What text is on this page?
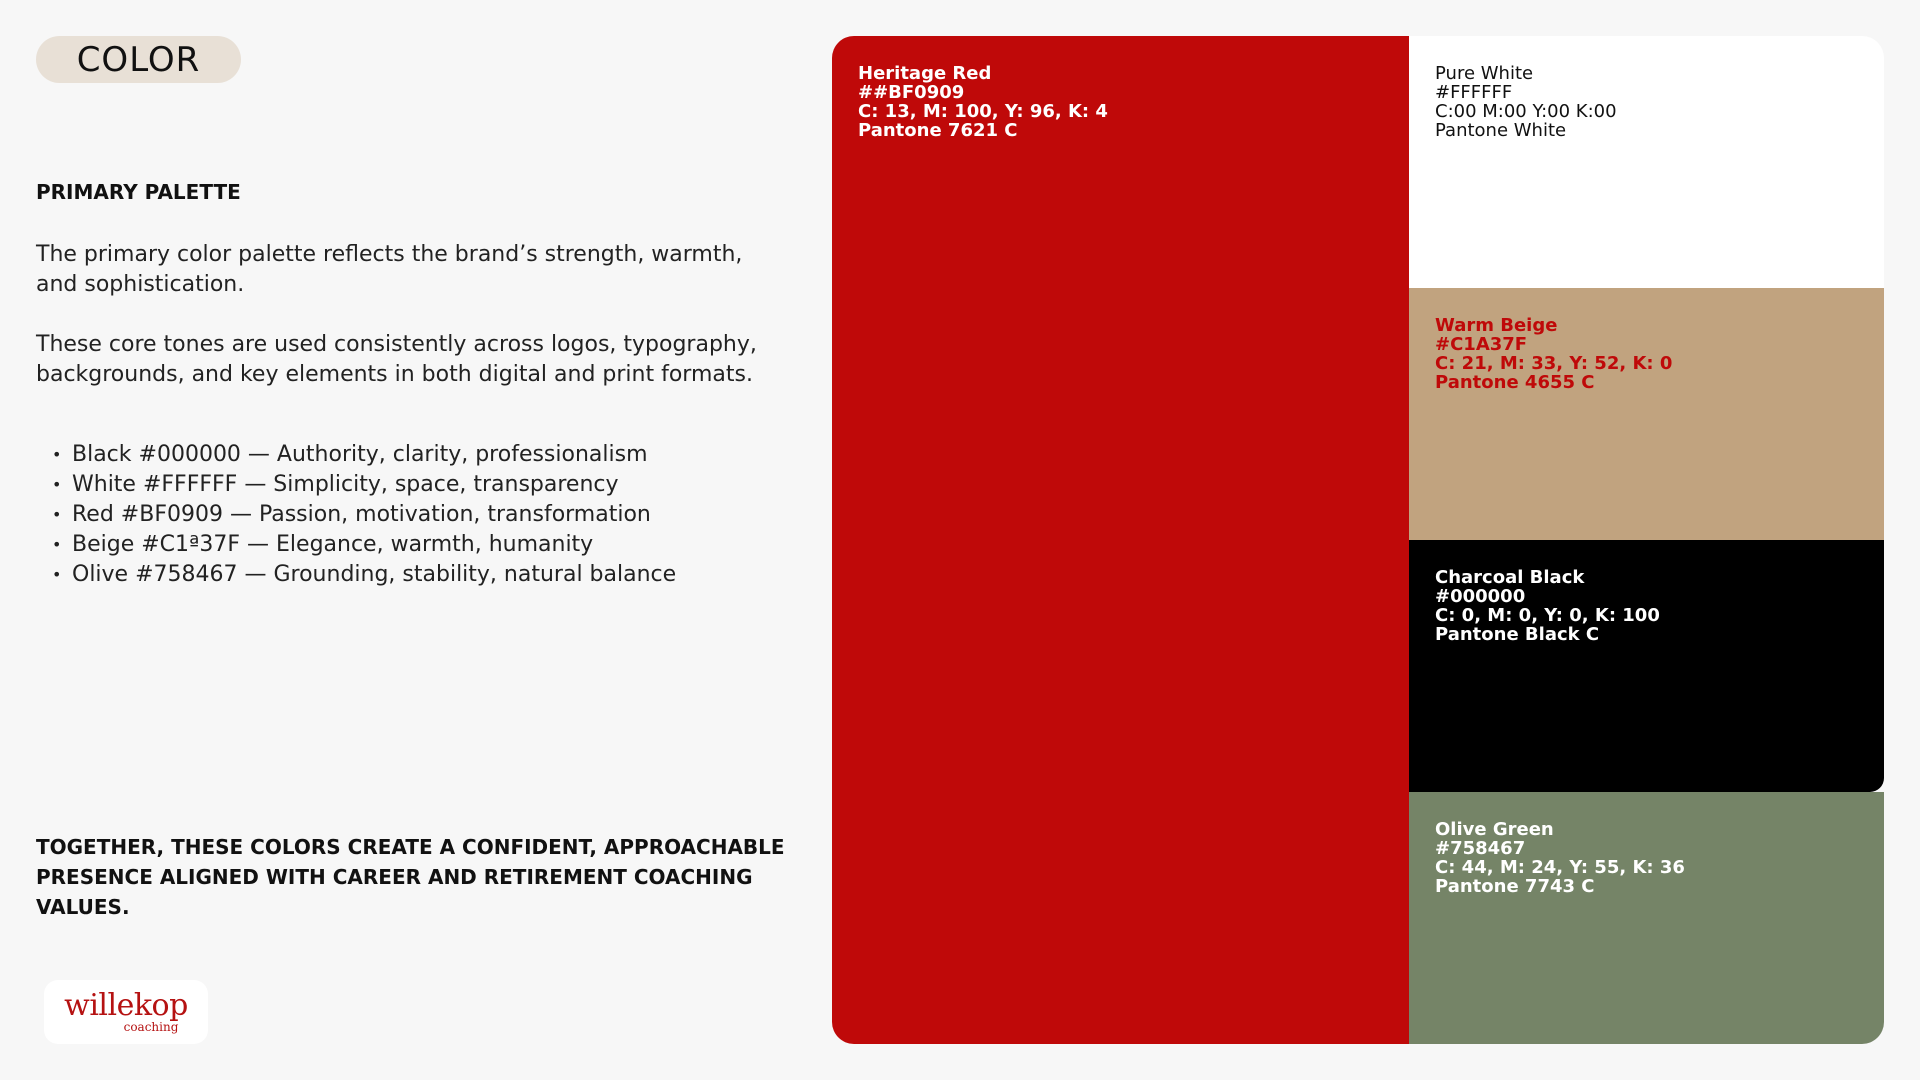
COLOR
PRIMARY PALETTE

The primary color palette reflects the brand’s strength, warmth, and sophistication.

These core tones are used consistently across logos, typography, backgrounds, and key elements in both digital and print formats.

• Black #000000 — Authority, clarity, professionalism
• White #FFFFFF — Simplicity, space, transparency
• Red #BF0909 — Passion, motivation, transformation
• Beige #C1ª37F — Elegance, warmth, humanity
• Olive #758467 — Grounding, stability, natural balance

TOGETHER, THESE COLORS CREATE A CONFIDENT, APPROACHABLE PRESENCE ALIGNED WITH CAREER AND RETIREMENT COACHING VALUES.

willekop
coaching
Heritage Red
##BF0909
C: 13, M: 100, Y: 96, K: 4
Pantone 7621 C
Pure White
#FFFFFF
C:00 M:00 Y:00 K:00
Pantone White
Warm Beige
#C1A37F
C: 21, M: 33, Y: 52, K: 0
Pantone 4655 C
Charcoal Black
#000000
C: 0, M: 0, Y: 0, K: 100
Pantone Black C
Olive Green
#758467
C: 44, M: 24, Y: 55, K: 36
Pantone 7743 C
